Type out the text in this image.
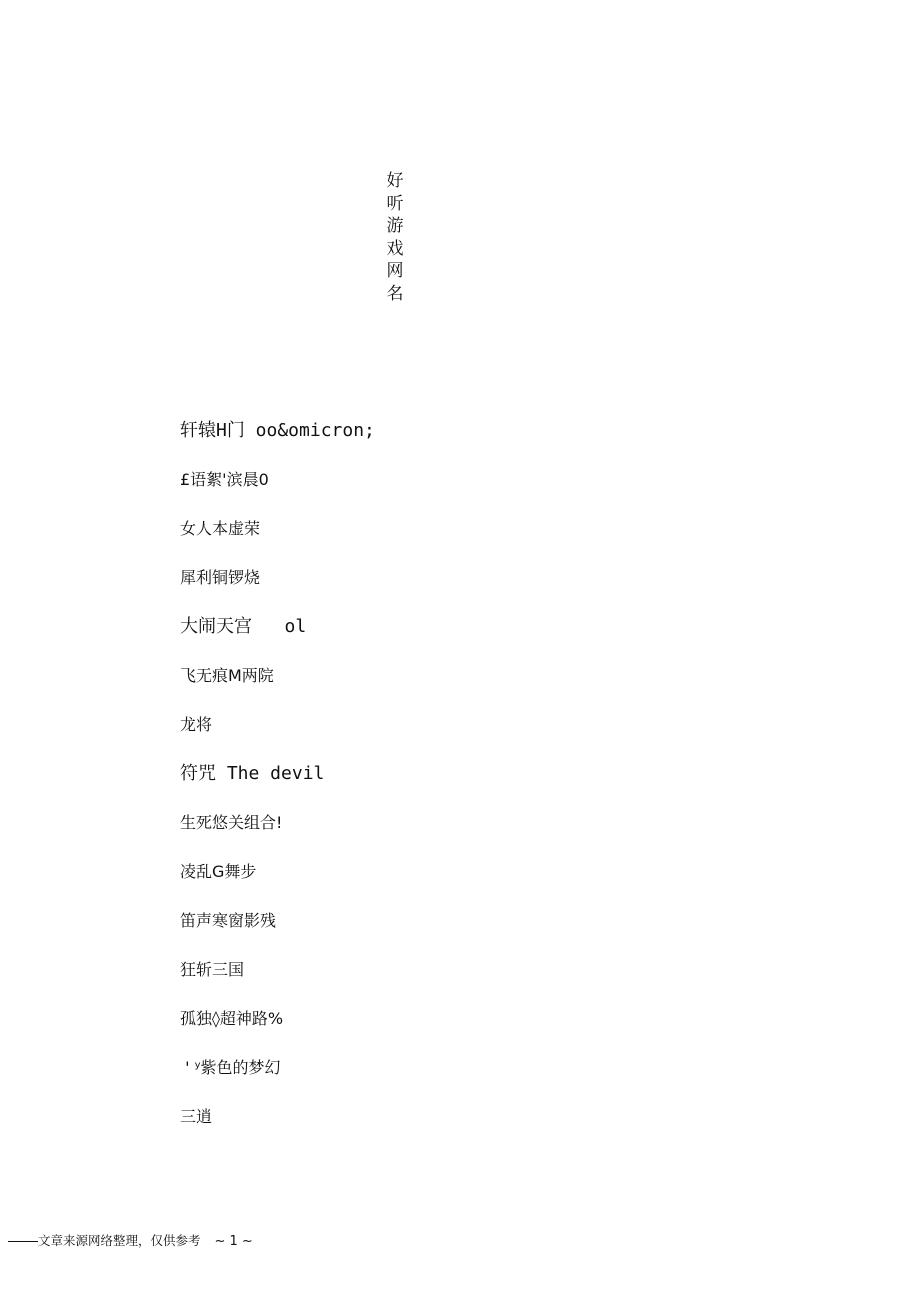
好听游戏网名
轩辕H门 oo&omicron;
£语絮'滨晨0
女人本虚荣
犀利铜锣烧
大闹天宫   ol
飞无痕M两院
龙将
符咒 The devil
生死悠关组合!
凌乱G舞步
笛声寒窗影残
狂斩三国
孤独◊超神路%
' ʸ紫色的梦幻
三逍

文章来源网络整理，仅供参考 ~ 1 ~
